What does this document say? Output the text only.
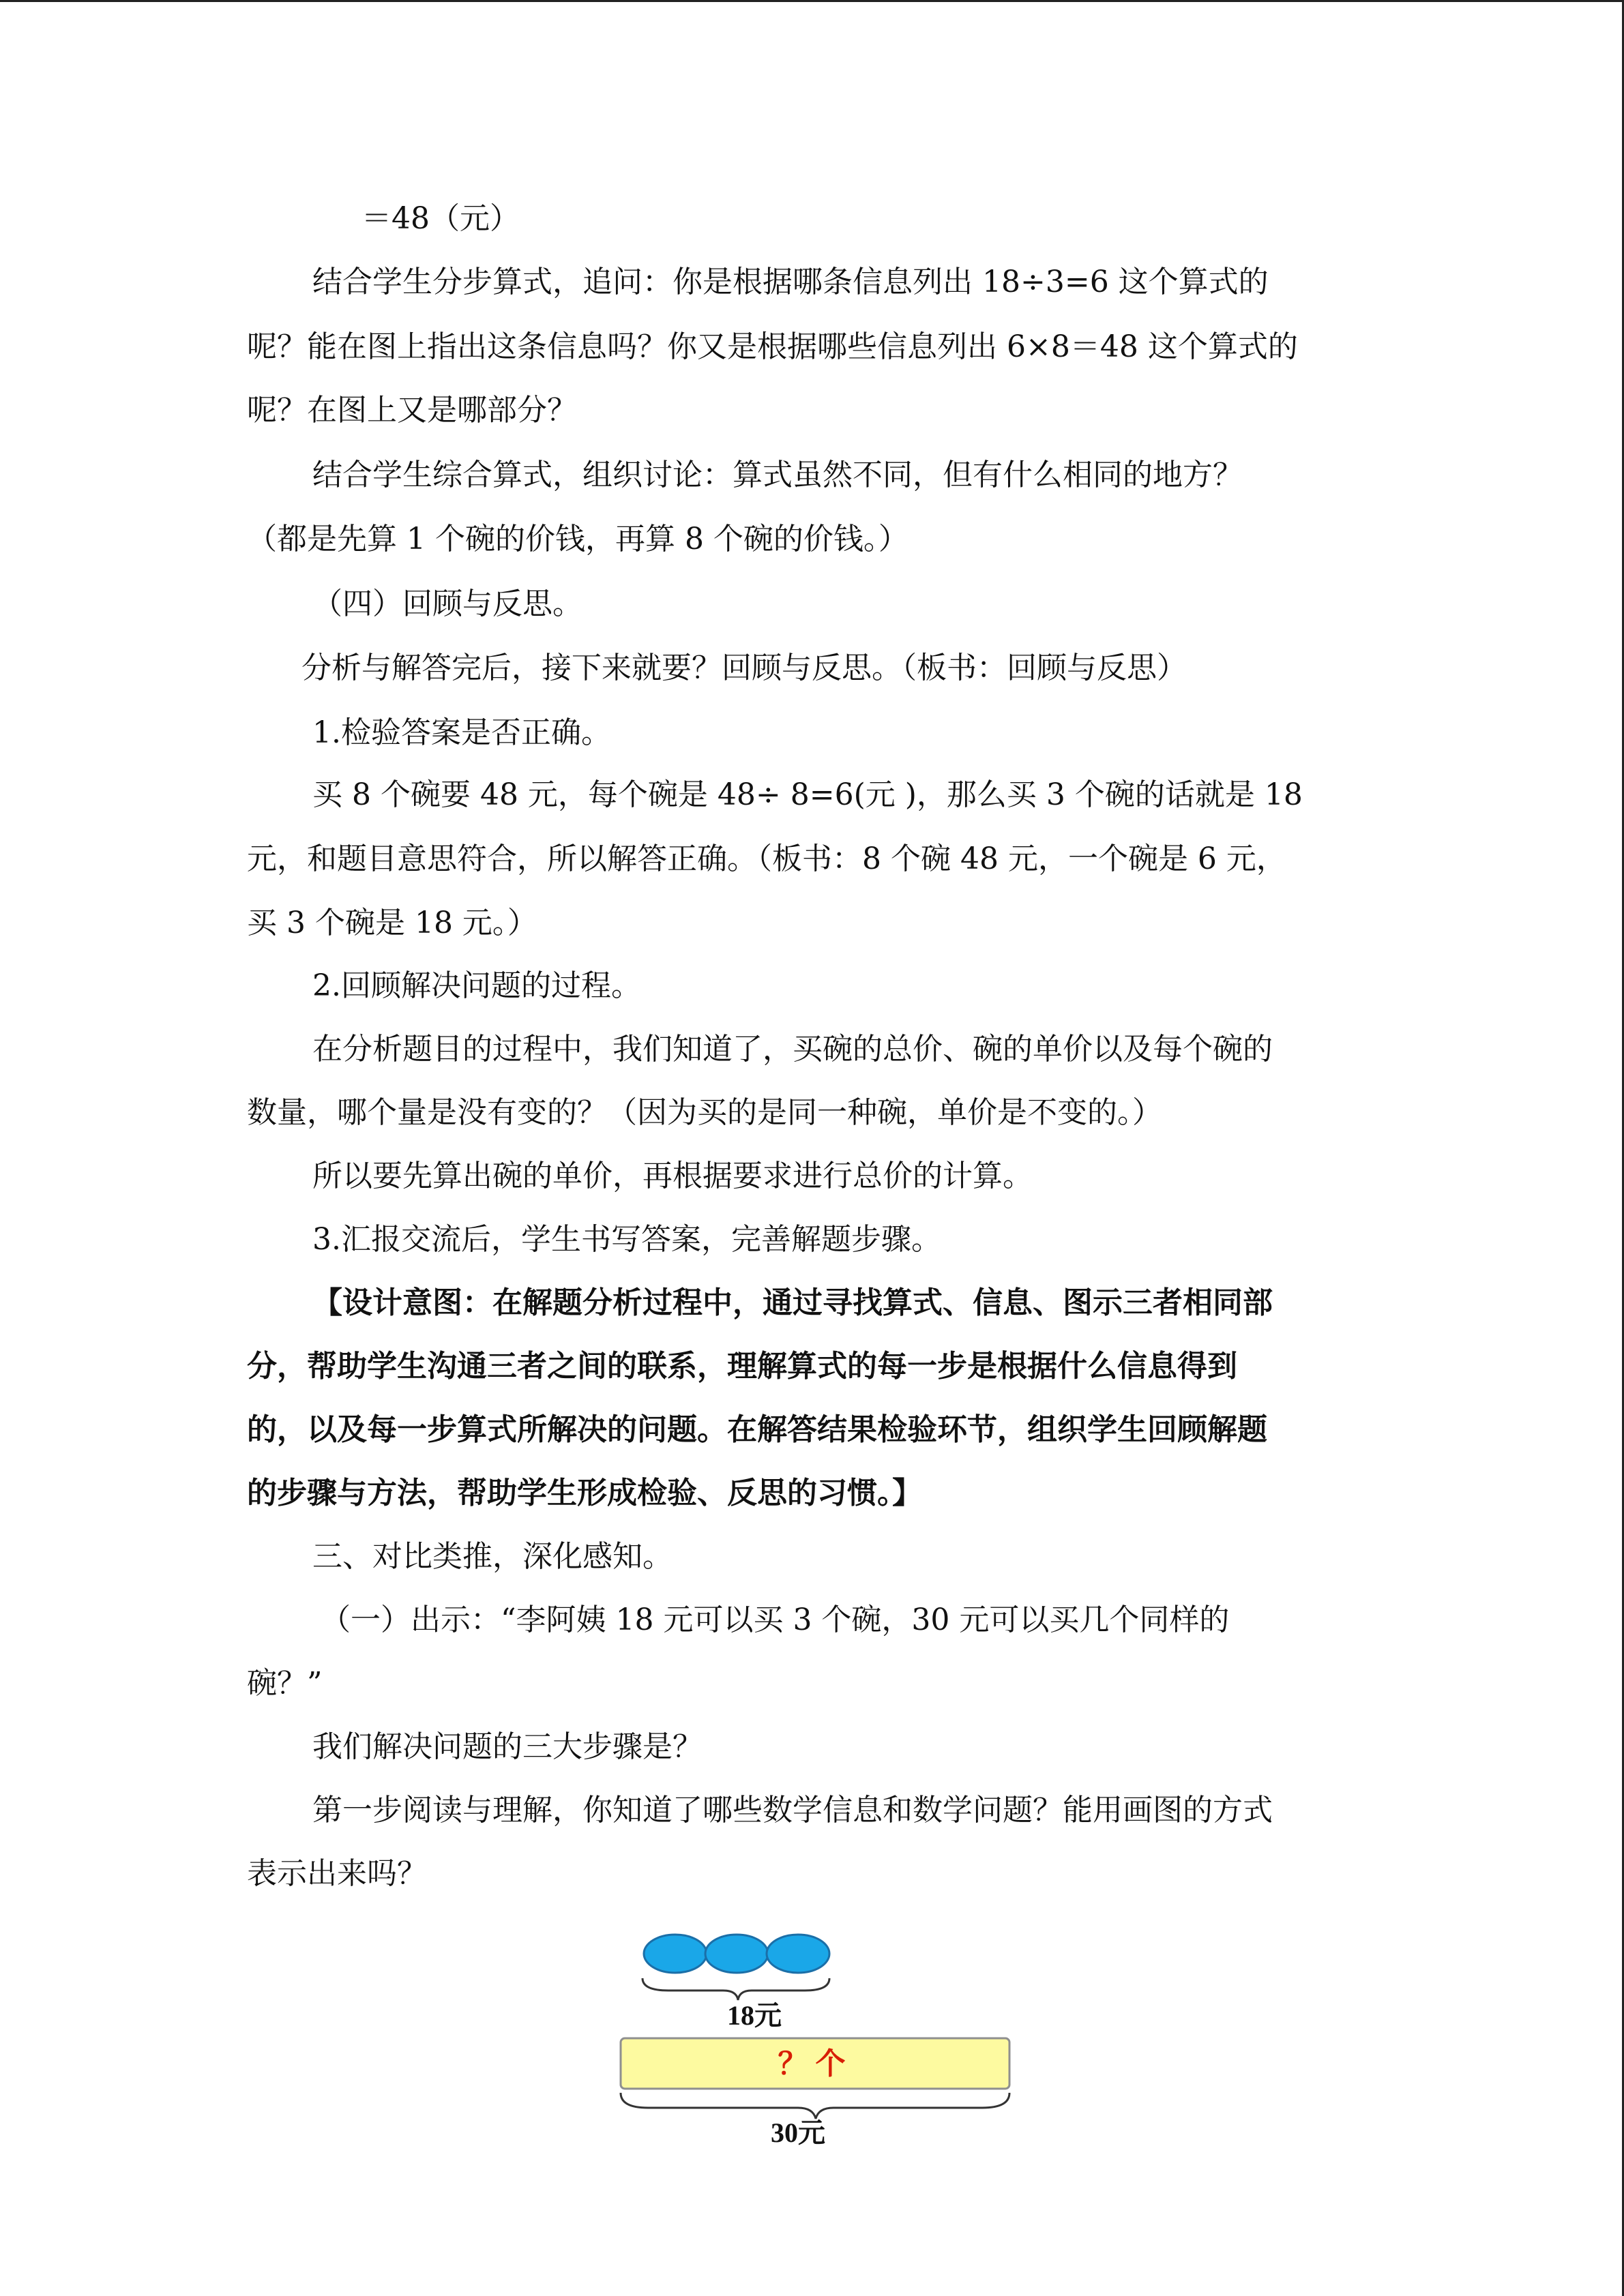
＝48（元）
结合学生分步算式，追问：你是根据哪条信息列出 18÷3=6 这个算式的
呢？能在图上指出这条信息吗？你又是根据哪些信息列出 6×8＝48 这个算式的
呢？在图上又是哪部分？
结合学生综合算式，组织讨论：算式虽然不同，但有什么相同的地方？
（都是先算 1 个碗的价钱，再算 8 个碗的价钱。）
（四）回顾与反思。
分析与解答完后，接下来就要？回顾与反思。（板书：回顾与反思）
1.检验答案是否正确。
买 8 个碗要 48 元，每个碗是 48÷ 8=6(元 )，那么买 3 个碗的话就是 18
元，和题目意思符合，所以解答正确。（板书：8 个碗 48 元，一个碗是 6 元，
买 3 个碗是 18 元。）
2.回顾解决问题的过程。
在分析题目的过程中，我们知道了，买碗的总价、碗的单价以及每个碗的
数量，哪个量是没有变的？（因为买的是同一种碗，单价是不变的。）
所以要先算出碗的单价，再根据要求进行总价的计算。
3.汇报交流后，学生书写答案，完善解题步骤。
【设计意图：在解题分析过程中，通过寻找算式、信息、图示三者相同部
分，帮助学生沟通三者之间的联系，理解算式的每一步是根据什么信息得到
的，以及每一步算式所解决的问题。在解答结果检验环节，组织学生回顾解题
的步骤与方法，帮助学生形成检验、反思的习惯。】
三、对比类推，深化感知。
（一）出示：“李阿姨 18 元可以买 3 个碗，30 元可以买几个同样的
碗？”
我们解决问题的三大步骤是？
第一步阅读与理解，你知道了哪些数学信息和数学问题？能用画图的方式
表示出来吗？
18元
？ 个
30元
